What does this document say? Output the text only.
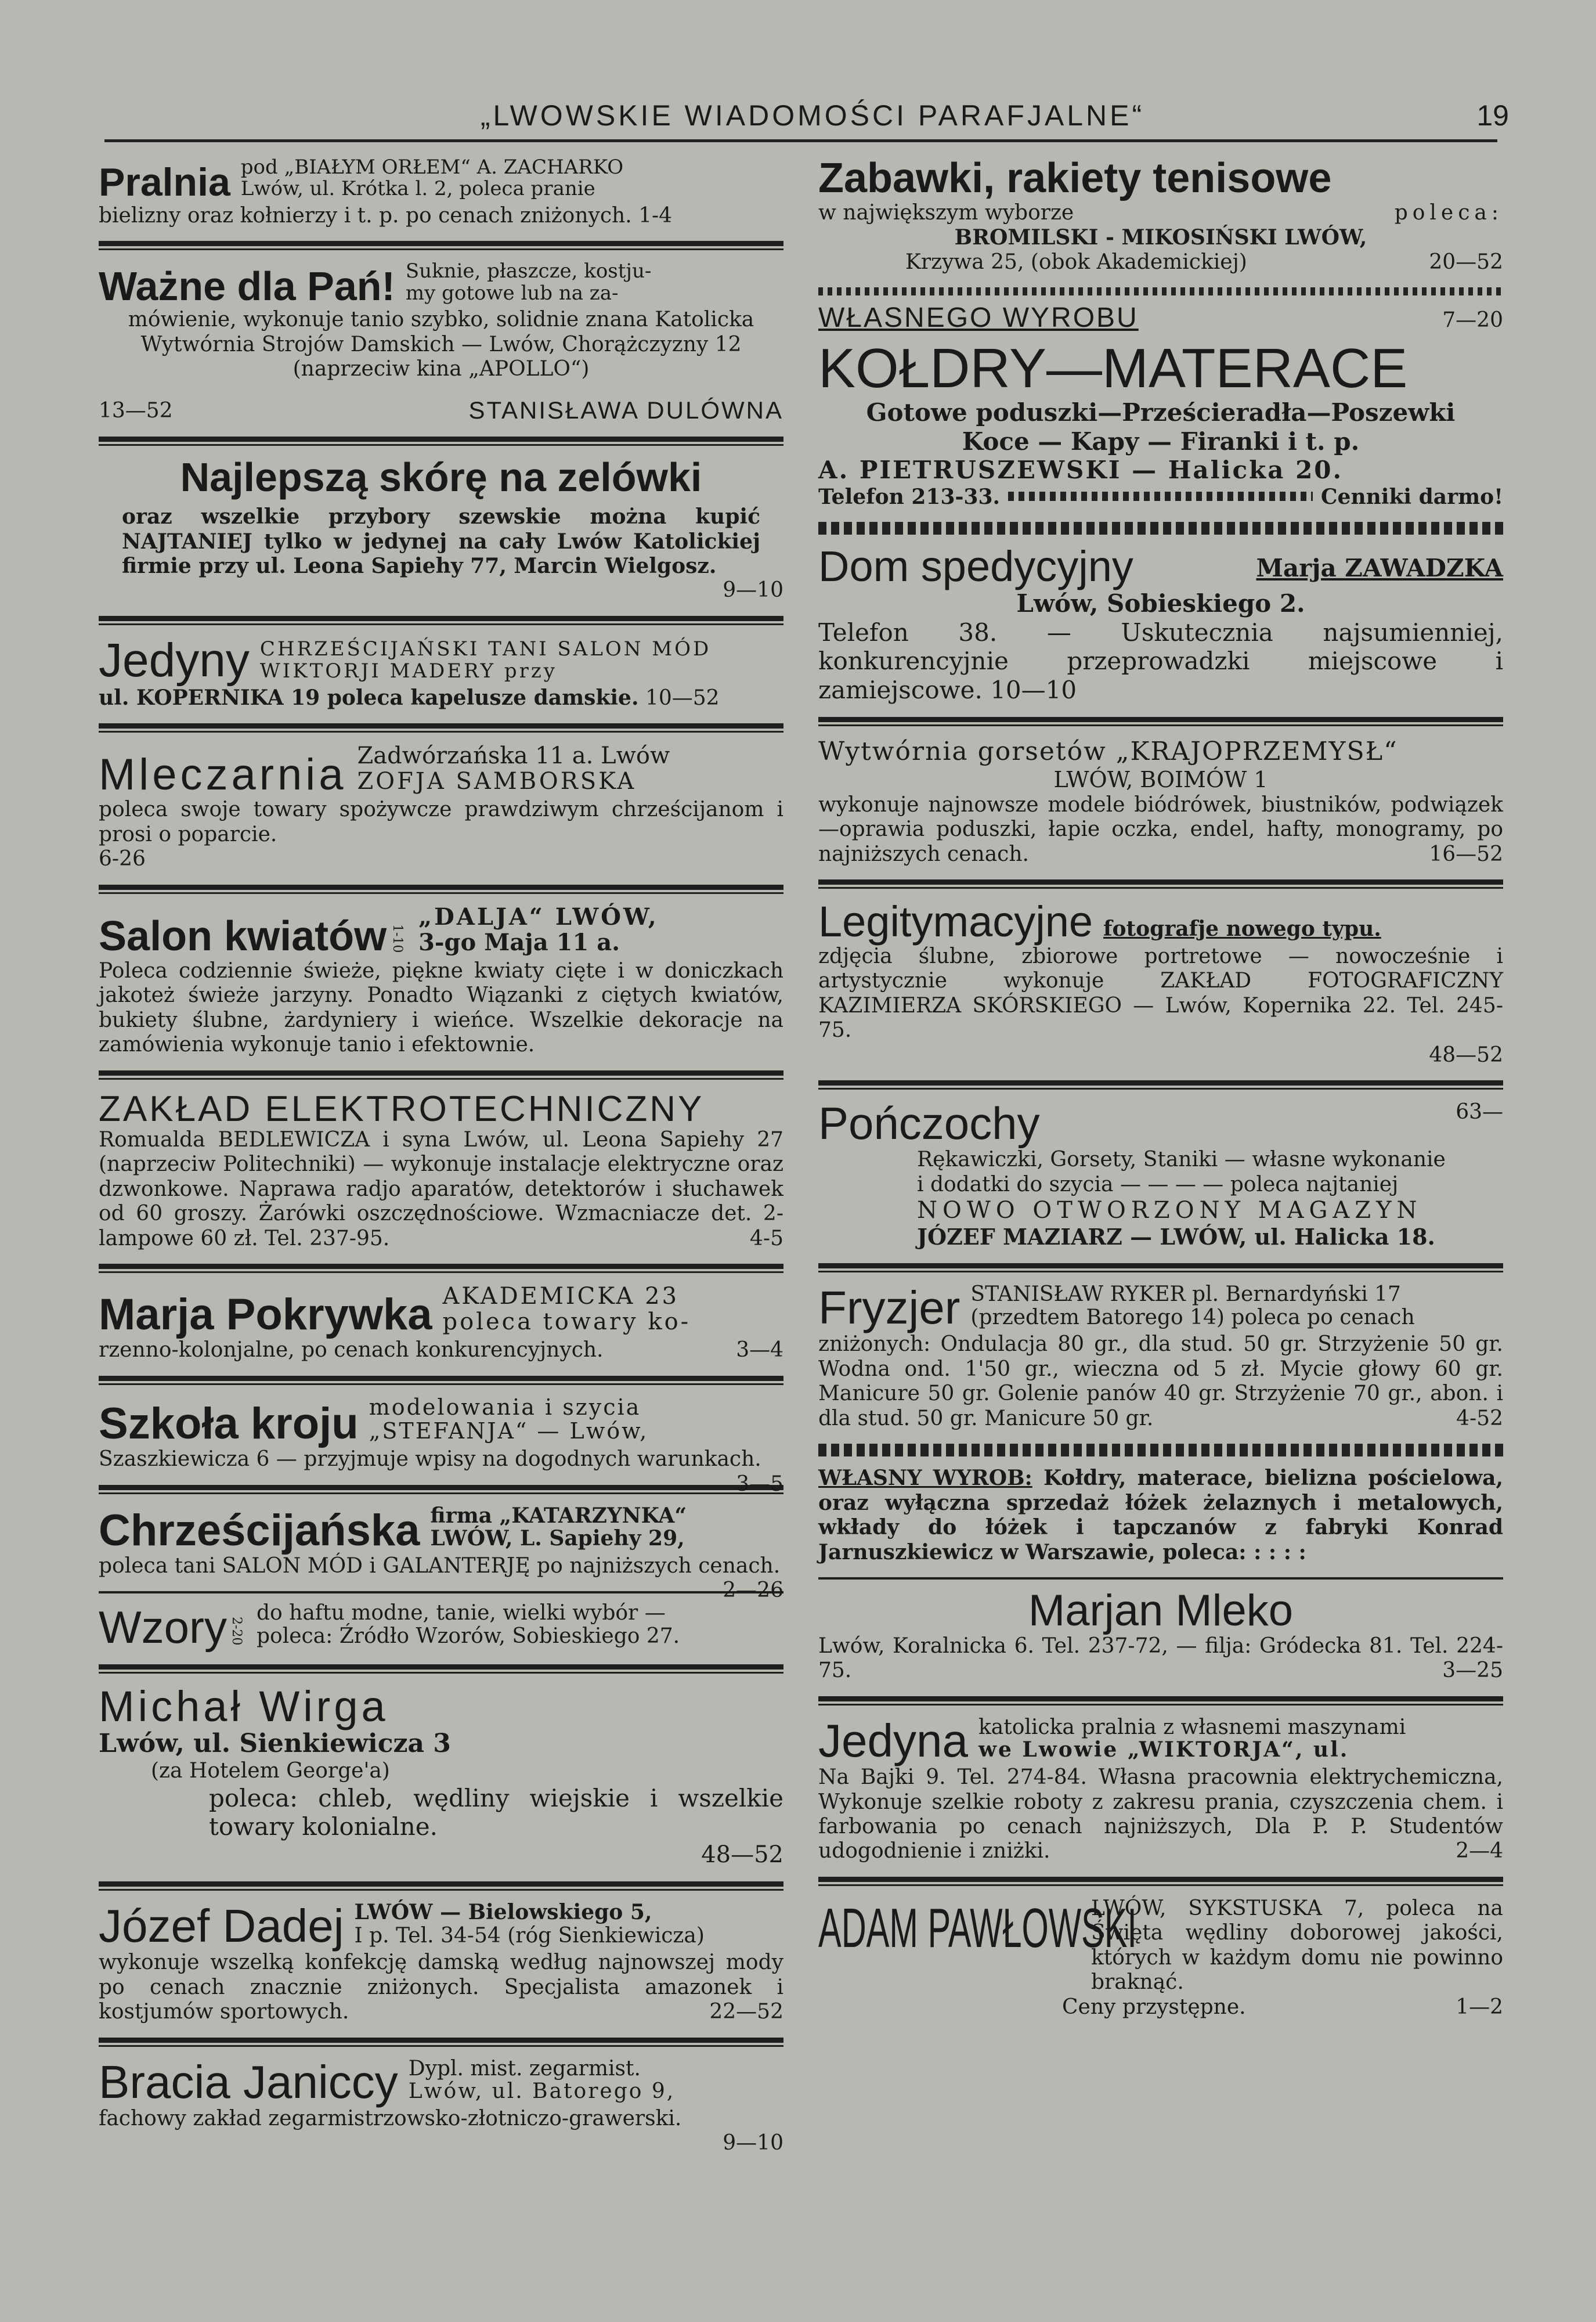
„LWOWSKIE WIADOMOŚCI PARAFJALNE“	19
Pralnia pod „BIAŁYM ORŁEM“ A. ZACHARKO
Lwów, ul. Krótka l. 2, poleca pranie
bielizny oraz kołnierzy i t. p. po cenach zniżonych. 1-4
Ważne dla Pań! Suknie, płaszcze, kostju-
my gotowe lub na za-
mówienie, wykonuje tanio szybko, solidnie znana Katolicka Wytwórnia Strojów Damskich — Lwów, Chorążczyzny 12 (naprzeciw kina „APOLLO“)
13—52	STANISŁAWA DULÓWNA
Najlepszą skórę na zelówki
oraz wszelkie przybory szewskie można kupić NAJTANIEJ tylko w jedynej na cały Lwów Katolickiej firmie przy ul. Leona Sapiehy 77, Marcin Wielgosz.
9—10
Jedyny CHRZEŚCIJAŃSKI TANI SALON MÓD
WIKTORJI MADERY przy
ul. KOPERNIKA 19 poleca kapelusze damskie. 10—52
Mleczarnia Zadwórzańska 11 a. Lwów
ZOFJA SAMBORSKA
poleca swoje towary spożywcze prawdziwym chrześcijanom i prosi o poparcie.
6-26
Salon kwiatów 1-10
„DALJA“ LWÓW,
3-go Maja 11 a.
Poleca codziennie świeże, piękne kwiaty cięte i w doniczkach jakoteż świeże jarzyny. Ponadto Wiązanki z ciętych kwiatów, bukiety ślubne, żardyniery i wieńce. Wszelkie dekoracje na zamówienia wykonuje tanio i efektownie.
ZAKŁAD ELEKTROTECHNICZNY
Romualda BEDLEWICZA i syna Lwów, ul. Leona Sapiehy 27 (naprzeciw Politechniki) — wykonuje instalacje elektryczne oraz dzwonkowe. Naprawa radjo aparatów, detektorów i słuchawek od 60 groszy. Żarówki oszczędnościowe. Wzmacniacze det. 2-lampowe 60 zł. Tel. 237-95.	4-5
Marja Pokrywka AKADEMICKA 23
poleca towary ko-
rzenno-kolonjalne, po cenach konkurencyjnych.	3—4
Szkoła kroju modelowania i szycia
„STEFANJA“ — Lwów,
Szaszkiewicza 6 — przyjmuje wpisy na dogodnych warunkach.
3—5
Chrześcijańska firma „KATARZYNKA“
LWÓW, L. Sapiehy 29,
poleca tani SALON MÓD i GALANTERJĘ po najniższych cenach.
2—26
Wzory 2-20
do haftu modne, tanie, wielki wybór —
poleca: Źródło Wzorów, Sobieskiego 27.
Michał Wirga
Lwów, ul. Sienkiewicza 3
(za Hotelem George'a)
poleca: chleb, wędliny wiejskie i wszelkie towary kolonialne.
48—52
Józef Dadej LWÓW — Bielowskiego 5,
I p. Tel. 34-54 (róg Sienkiewicza)
wykonuje wszelką konfekcję damską według najnowszej mody po cenach znacznie zniżonych. Specjalista amazonek i kostjumów sportowych.	22—52
Bracia Janiccy Dypl. mist. zegarmist.
Lwów, ul. Batorego 9,
fachowy zakład zegarmistrzowsko-złotniczo-grawerski.
9—10
Zabawki, rakiety tenisowe
w największym wyborze	poleca:
BROMILSKI - MIKOSIŃSKI LWÓW,
Krzywa 25, (obok Akademickiej)	20—52
WŁASNEGO WYROBU	7—20
KOŁDRY—MATERACE
Gotowe poduszki—Prześcieradła—Poszewki
Koce — Kapy — Firanki i t. p.
A. PIETRUSZEWSKI — Halicka 20.
Telefon 213-33.	Cenniki darmo!
Dom spedycyjny	Marja ZAWADZKA
Lwów, Sobieskiego 2.
Telefon 38. — Uskutecznia najsumienniej, konkurencyjnie przeprowadzki miejscowe i zamiejscowe. 10—10
Wytwórnia gorsetów „KRAJOPRZEMYSŁ“
LWÓW, BOIMÓW 1
wykonuje najnowsze modele biódrówek, biustników, podwiązek—oprawia poduszki, łapie oczka, endel, hafty, monogramy, po najniższych cenach.	16—52
Legitymacyjne fotografje nowego typu.
zdjęcia ślubne, zbiorowe portretowe — nowocześnie i artystycznie wykonuje ZAKŁAD FOTOGRAFICZNY KAZIMIERZA SKÓRSKIEGO — Lwów, Kopernika 22. Tel. 245-75.
48—52
Pończochy	63—
Rękawiczki, Gorsety, Staniki — własne wykonanie
i dodatki do szycia — — — — poleca najtaniej
NOWO OTWORZONY MAGAZYN
JÓZEF MAZIARZ — LWÓW, ul. Halicka 18.
Fryzjer STANISŁAW RYKER pl. Bernardyński 17
(przedtem Batorego 14) poleca po cenach
zniżonych: Ondulacja 80 gr., dla stud. 50 gr. Strzyżenie 50 gr. Wodna ond. 1'50 gr., wieczna od 5 zł. Mycie głowy 60 gr. Manicure 50 gr. Golenie panów 40 gr. Strzyżenie 70 gr., abon. i dla stud. 50 gr. Manicure 50 gr.	4-52
WŁASNY WYROB: Kołdry, materace, bielizna pościelowa, oraz wyłączna sprzedaż łóżek żelaznych i metalowych, wkłady do łóżek i tapczanów z fabryki Konrad Jarnuszkiewicz w Warszawie, poleca: : : : :
Marjan Mleko
Lwów, Koralnicka 6. Tel. 237-72, — filja: Gródecka 81. Tel. 224-75.	3—25
Jedyna katolicka pralnia z własnemi maszynami
we Lwowie „WIKTORJA“, ul.
Na Bajki 9. Tel. 274-84. Własna pracownia elektrychemiczna, Wykonuje szelkie roboty z zakresu prania, czyszczenia chem. i farbowania po cenach najniższych, Dla P. P. Studentów udogodnienie i zniżki.	2—4
ADAM PAWŁOWSKI
LWÓW, SYKSTUSKA 7, poleca na Święta wędliny doborowej jakości, których w każdym domu nie powinno braknąć.
Ceny przystępne.	1—2
